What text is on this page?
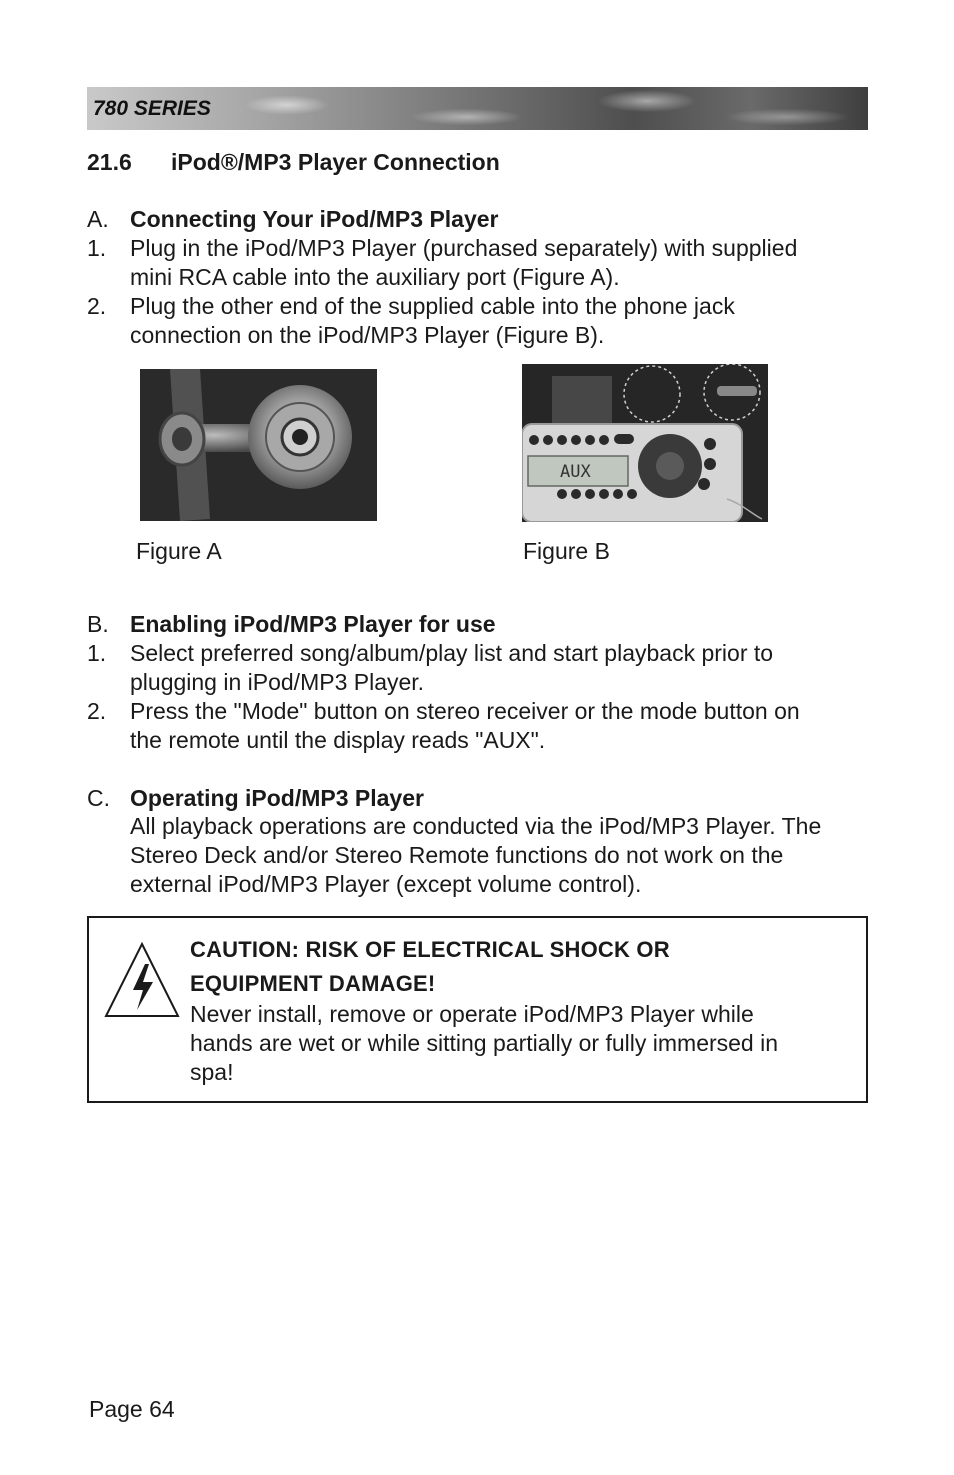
780 SERIES
21.6 iPod®/MP3 Player Connection
A. Connecting Your iPod/MP3 Player
1. Plug in the iPod/MP3 Player (purchased separately) with supplied
mini RCA cable into the auxiliary port (Figure A).
2. Plug the other end of the supplied cable into the phone jack
connection on the iPod/MP3 Player (Figure B).
AUX
Figure A	Figure B
B. Enabling iPod/MP3 Player for use
1. Select preferred song/album/play list and start playback prior to
plugging in iPod/MP3 Player.
2. Press the "Mode" button on stereo receiver or the mode button on
the remote until the display reads "AUX".
C. Operating iPod/MP3 Player
All playback operations are conducted via the iPod/MP3 Player. The
Stereo Deck and/or Stereo Remote functions do not work on the
external iPod/MP3 Player (except volume control).
CAUTION: RISK OF ELECTRICAL SHOCK OR
EQUIPMENT DAMAGE!
Never install, remove or operate iPod/MP3 Player while
hands are wet or while sitting partially or fully immersed in
spa!
Page 64
